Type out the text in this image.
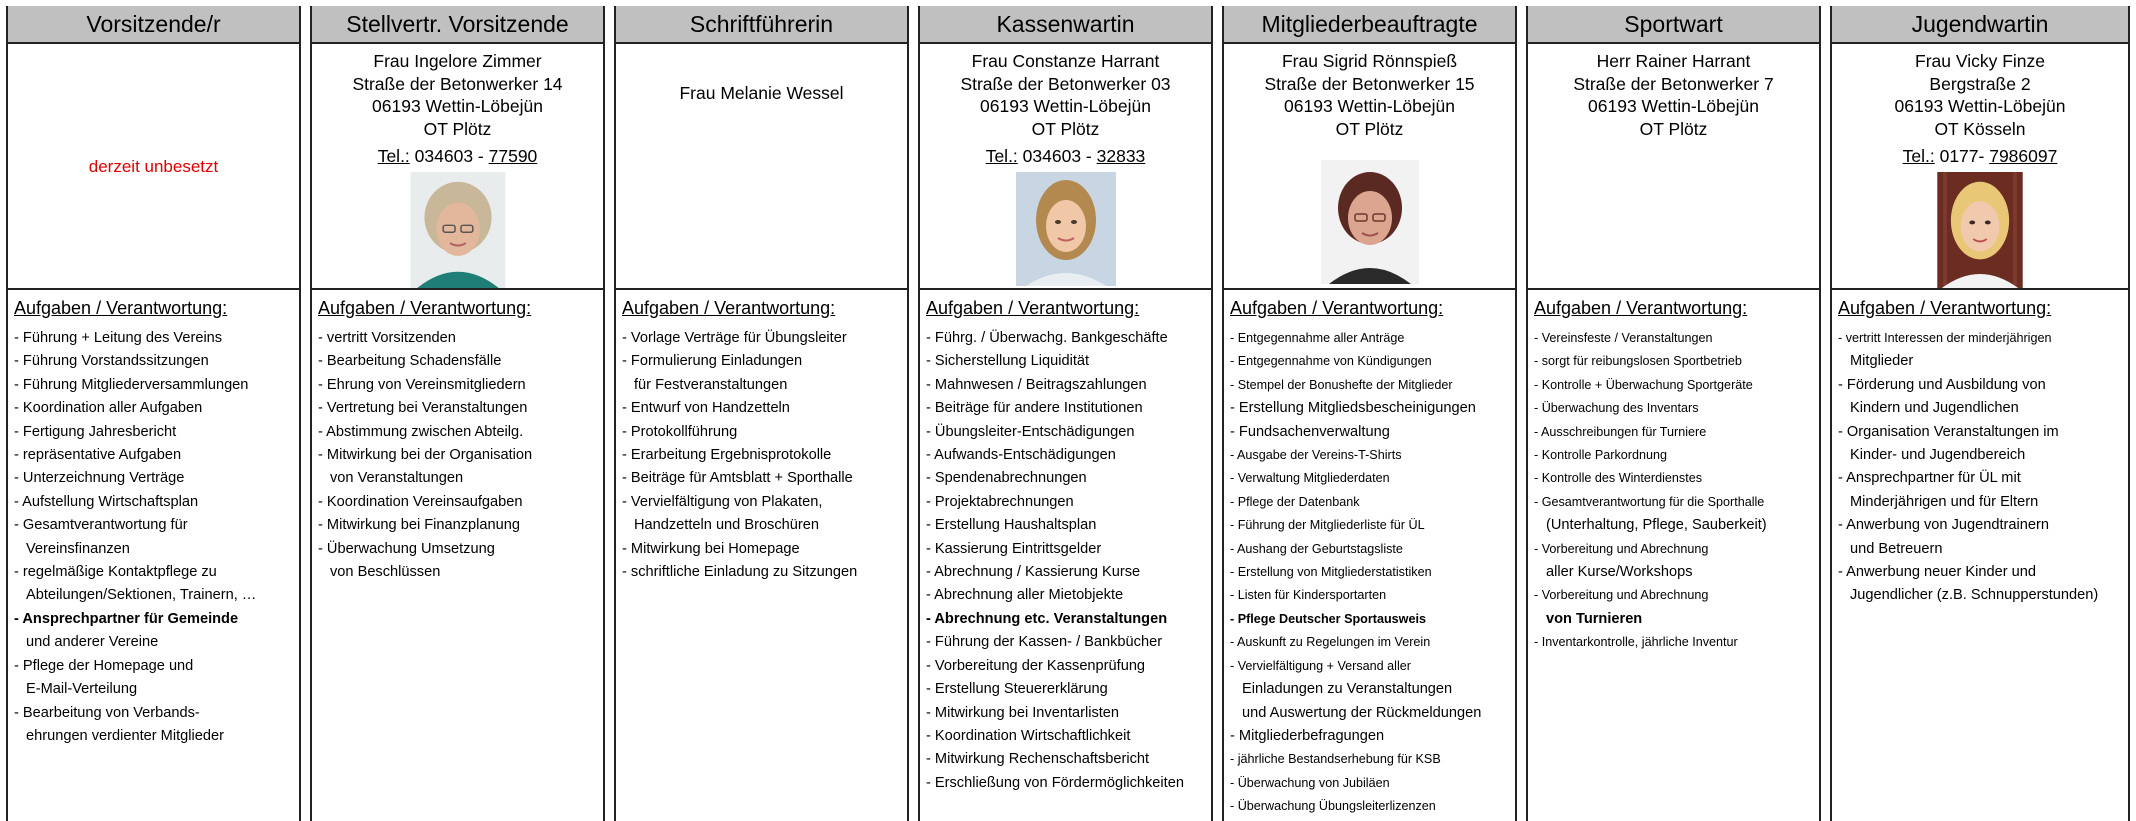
Vorsitzende/r
derzeit unbesetzt
Aufgaben / Verantwortung:
- Führung + Leitung des Vereins
- Führung Vorstandssitzungen
- Führung Mitgliederversammlungen
- Koordination aller Aufgaben
- Fertigung Jahresbericht
- repräsentative Aufgaben
- Unterzeichnung Verträge
- Aufstellung Wirtschaftsplan
- Gesamtverantwortung für
Vereinsfinanzen
- regelmäßige Kontaktpflege zu
Abteilungen/Sektionen, Trainern, …
- Ansprechpartner für Gemeinde
und anderer Vereine
- Pflege der Homepage und
E-Mail-Verteilung
- Bearbeitung von Verbands-
ehrungen verdienter Mitglieder
Stellvertr. Vorsitzende
Frau Ingelore Zimmer
Straße der Betonwerker 14
06193 Wettin-Löbejün
OT Plötz
Tel.: 034603 - 77590
Aufgaben / Verantwortung:
- vertritt Vorsitzenden
- Bearbeitung Schadensfälle
- Ehrung von Vereinsmitgliedern
- Vertretung bei Veranstaltungen
- Abstimmung zwischen Abteilg.
- Mitwirkung bei der Organisation
von Veranstaltungen
- Koordination Vereinsaufgaben
- Mitwirkung bei Finanzplanung
- Überwachung Umsetzung
von Beschlüssen
Schriftführerin
Frau Melanie Wessel
Aufgaben / Verantwortung:
- Vorlage Verträge für Übungsleiter
- Formulierung Einladungen
für Festveranstaltungen
- Entwurf von Handzetteln
- Protokollführung
- Erarbeitung Ergebnisprotokolle
- Beiträge für Amtsblatt + Sporthalle
- Vervielfältigung von Plakaten,
Handzetteln und Broschüren
- Mitwirkung bei Homepage
- schriftliche Einladung zu Sitzungen
Kassenwartin
Frau Constanze Harrant
Straße der Betonwerker 03
06193 Wettin-Löbejün
OT Plötz
Tel.: 034603 - 32833
Aufgaben / Verantwortung:
- Führg. / Überwachg. Bankgeschäfte
- Sicherstellung Liquidität
- Mahnwesen / Beitragszahlungen
- Beiträge für andere Institutionen
- Übungsleiter-Entschädigungen
- Aufwands-Entschädigungen
- Spendenabrechnungen
- Projektabrechnungen
- Erstellung Haushaltsplan
- Kassierung Eintrittsgelder
- Abrechnung / Kassierung Kurse
- Abrechnung aller Mietobjekte
- Abrechnung etc. Veranstaltungen
- Führung der Kassen- / Bankbücher
- Vorbereitung der Kassenprüfung
- Erstellung Steuererklärung
- Mitwirkung bei Inventarlisten
- Koordination Wirtschaftlichkeit
- Mitwirkung Rechenschaftsbericht
- Erschließung von Fördermöglichkeiten
Mitgliederbeauftragte
Frau Sigrid Rönnspieß
Straße der Betonwerker 15
06193 Wettin-Löbejün
OT Plötz
Aufgaben / Verantwortung:
- Entgegennahme aller Anträge
- Entgegennahme von Kündigungen
- Stempel der Bonushefte der Mitglieder
- Erstellung Mitgliedsbescheinigungen
- Fundsachenverwaltung
- Ausgabe der Vereins-T-Shirts
- Verwaltung Mitgliederdaten
- Pflege der Datenbank
- Führung der Mitgliederliste für ÜL
- Aushang der Geburtstagsliste
- Erstellung von Mitgliederstatistiken
- Listen für Kindersportarten
- Pflege Deutscher Sportausweis
- Auskunft zu Regelungen im Verein
- Vervielfältigung + Versand aller
Einladungen zu Veranstaltungen
und Auswertung der Rückmeldungen
- Mitgliederbefragungen
- jährliche Bestandserhebung für KSB
- Überwachung von Jubiläen
- Überwachung Übungsleiterlizenzen
Sportwart
Herr Rainer Harrant
Straße der Betonwerker 7
06193 Wettin-Löbejün
OT Plötz
Aufgaben / Verantwortung:
- Vereinsfeste / Veranstaltungen
- sorgt für reibungslosen Sportbetrieb
- Kontrolle + Überwachung Sportgeräte
- Überwachung des Inventars
- Ausschreibungen für Turniere
- Kontrolle Parkordnung
- Kontrolle des Winterdienstes
- Gesamtverantwortung für die Sporthalle
(Unterhaltung, Pflege, Sauberkeit)
- Vorbereitung und Abrechnung
aller Kurse/Workshops
- Vorbereitung und Abrechnung
von Turnieren
- Inventarkontrolle, jährliche Inventur
Jugendwartin
Frau Vicky Finze
Bergstraße 2
06193 Wettin-Löbejün
OT Kösseln
Tel.: 0177- 7986097
Aufgaben / Verantwortung:
- vertritt Interessen der minderjährigen
Mitglieder
- Förderung und Ausbildung von
Kindern und Jugendlichen
- Organisation Veranstaltungen im
Kinder- und Jugendbereich
- Ansprechpartner für ÜL mit
Minderjährigen und für Eltern
- Anwerbung von Jugendtrainern
und Betreuern
- Anwerbung neuer Kinder und
Jugendlicher (z.B. Schnupperstunden)
